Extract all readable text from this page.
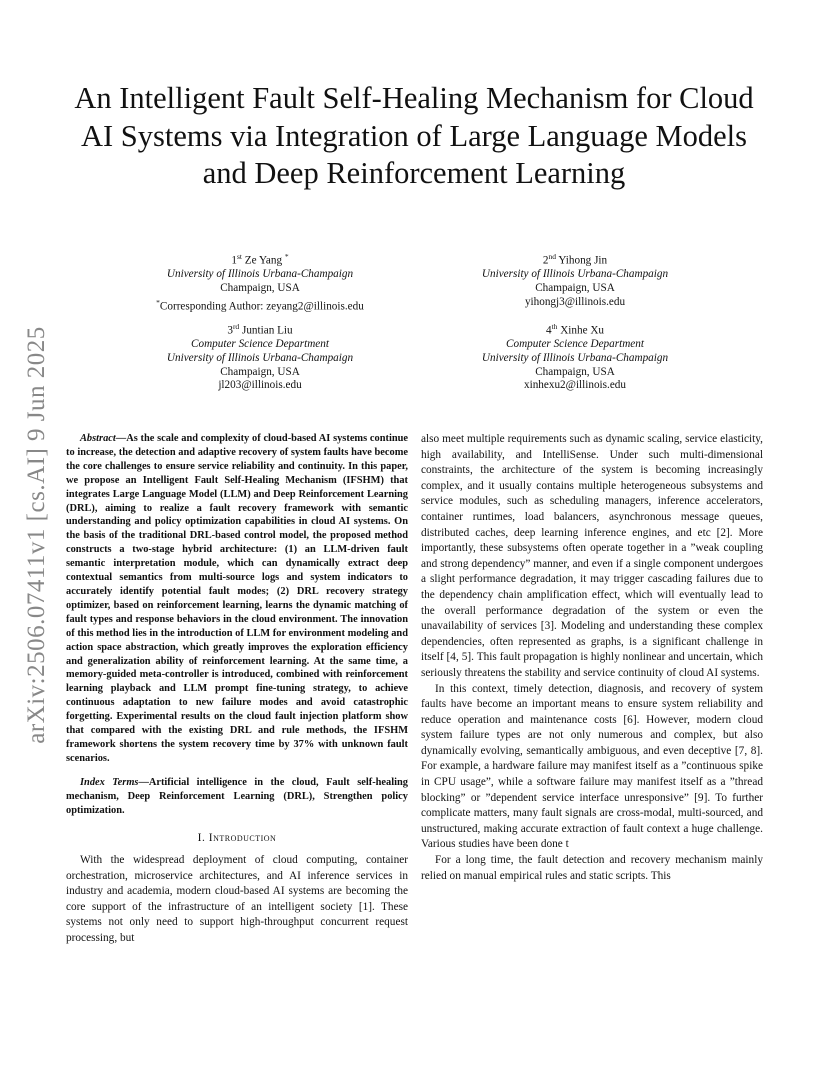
arXiv:2506.07411v1 [cs.AI] 9 Jun 2025
An Intelligent Fault Self-Healing Mechanism for Cloud AI Systems via Integration of Large Language Models and Deep Reinforcement Learning
1st Ze Yang *
University of Illinois Urbana-Champaign
Champaign, USA
*Corresponding Author: zeyang2@illinois.edu
2nd Yihong Jin
University of Illinois Urbana-Champaign
Champaign, USA
yihongj3@illinois.edu
3rd Juntian Liu
Computer Science Department
University of Illinois Urbana-Champaign
Champaign, USA
jl203@illinois.edu
4th Xinhe Xu
Computer Science Department
University of Illinois Urbana-Champaign
Champaign, USA
xinhexu2@illinois.edu

Abstract—As the scale and complexity of cloud-based AI systems continue to increase, the detection and adaptive recovery of system faults have become the core challenges to ensure service reliability and continuity. In this paper, we propose an Intelligent Fault Self-Healing Mechanism (IFSHM) that integrates Large Language Model (LLM) and Deep Reinforcement Learning (DRL), aiming to realize a fault recovery framework with semantic understanding and policy optimization capabilities in cloud AI systems. On the basis of the traditional DRL-based control model, the proposed method constructs a two-stage hybrid architecture: (1) an LLM-driven fault semantic interpretation module, which can dynamically extract deep contextual semantics from multi-source logs and system indicators to accurately identify potential fault modes; (2) DRL recovery strategy optimizer, based on reinforcement learning, learns the dynamic matching of fault types and response behaviors in the cloud environment. The innovation of this method lies in the introduction of LLM for environment modeling and action space abstraction, which greatly improves the exploration efficiency and generalization ability of reinforcement learning. At the same time, a memory-guided meta-controller is introduced, combined with reinforcement learning playback and LLM prompt fine-tuning strategy, to achieve continuous adaptation to new failure modes and avoid catastrophic forgetting. Experimental results on the cloud fault injection platform show that compared with the existing DRL and rule methods, the IFSHM framework shortens the system recovery time by 37% with unknown fault scenarios.

Index Terms—Artificial intelligence in the cloud, Fault self-healing mechanism, Deep Reinforcement Learning (DRL), Strengthen policy optimization.

I. Introduction

With the widespread deployment of cloud computing, container orchestration, microservice architectures, and AI inference services in industry and academia, modern cloud-based AI systems are becoming the core support of the infrastructure of an intelligent society [1]. These systems not only need to support high-throughput concurrent request processing, but

also meet multiple requirements such as dynamic scaling, service elasticity, high availability, and IntelliSense. Under such multi-dimensional constraints, the architecture of the system is becoming increasingly complex, and it usually contains multiple heterogeneous subsystems and service modules, such as scheduling managers, inference accelerators, container runtimes, load balancers, asynchronous message queues, distributed caches, deep learning inference engines, and etc [2]. More importantly, these subsystems often operate together in a ”weak coupling and strong dependency” manner, and even if a single component undergoes a slight performance degradation, it may trigger cascading failures due to the dependency chain amplification effect, which will eventually lead to the overall performance degradation of the system or even the unavailability of services [3]. Modeling and understanding these complex dependencies, often represented as graphs, is a significant challenge in itself [4, 5]. This fault propagation is highly nonlinear and uncertain, which seriously threatens the stability and service continuity of cloud AI systems.

In this context, timely detection, diagnosis, and recovery of system faults have become an important means to ensure system reliability and reduce operation and maintenance costs [6]. However, modern cloud system failure types are not only numerous and complex, but also dynamically evolving, semantically ambiguous, and even deceptive [7, 8]. For example, a hardware failure may manifest itself as a ”continuous spike in CPU usage”, while a software failure may manifest itself as a ”thread blocking” or ”dependent service interface unresponsive” [9]. To further complicate matters, many fault signals are cross-modal, multi-sourced, and unstructured, making accurate extraction of fault context a huge challenge. Various studies have been done t

For a long time, the fault detection and recovery mechanism mainly relied on manual empirical rules and static scripts. This
